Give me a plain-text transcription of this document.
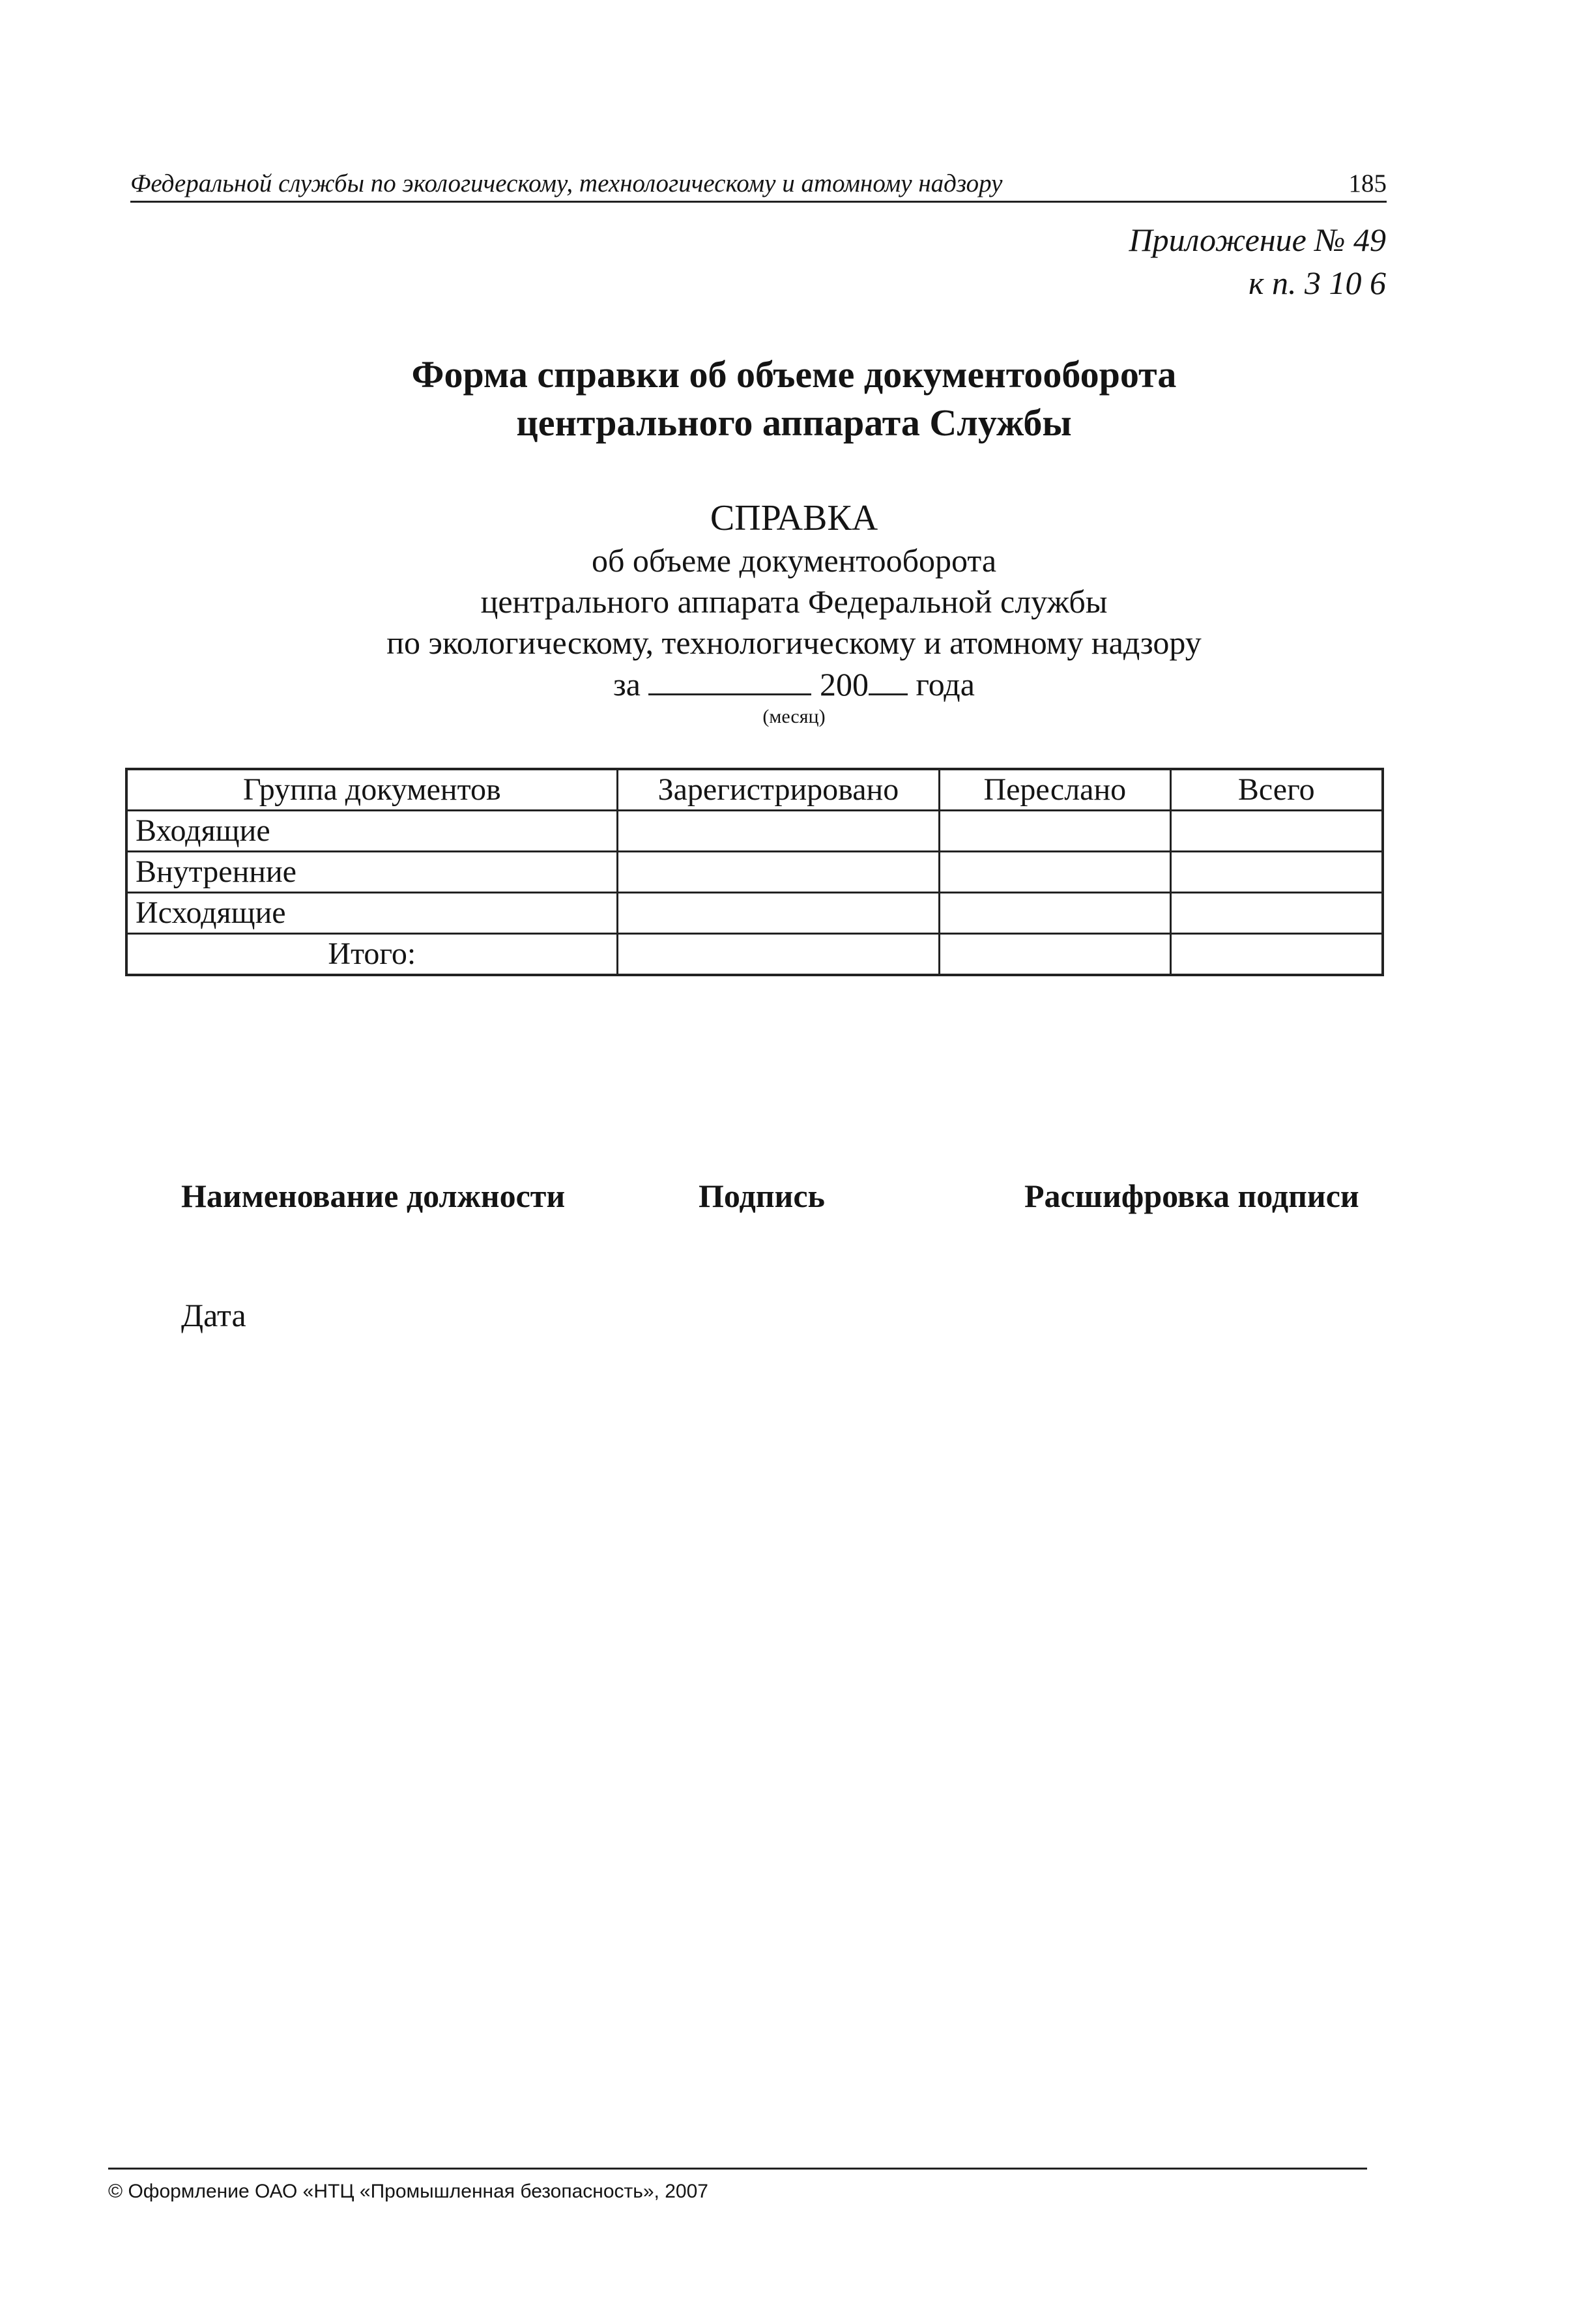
Федеральной службы по экологическому, технологическому и атомному надзору	185
Приложение № 49
к п. 3 10 6
Форма справки об объеме документооборота
центрального аппарата Службы
СПРАВКА
об объеме документооборота
центрального аппарата Федеральной службы
по экологическому, технологическому и атомному надзору
за	200 года
(месяц)
Группа документов	Зарегистрировано	Переслано	Всего
Входящие			
Внутренние			
Исходящие			
Итого:			
Наименование должности	Подпись	Расшифровка подписи
Дата
© Оформление ОАО «НТЦ «Промышленная безопасность», 2007
